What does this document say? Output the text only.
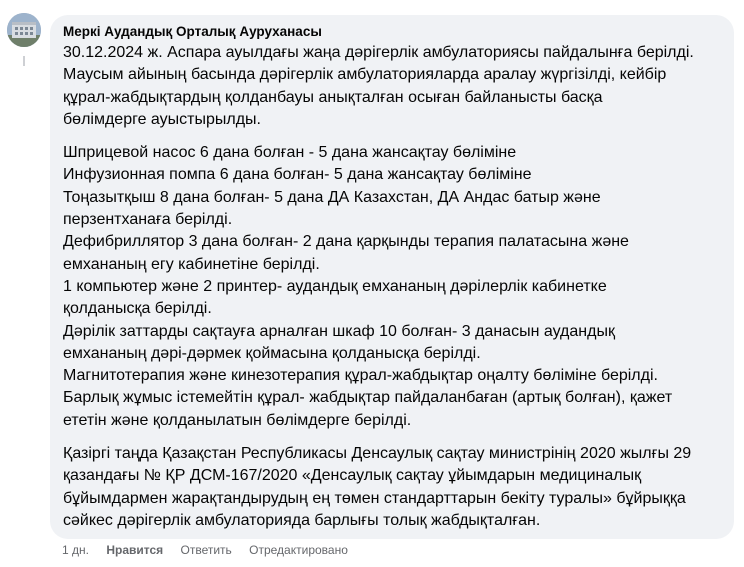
Меркі Аудандық Орталық Ауруханасы

30.12.2024 ж. Аспара ауылдағы жаңа дәрігерлік амбулаториясы пайдалынға берілді.
Маусым айының басында дәрігерлік амбулаторияларда аралау жүргізілді, кейбір
құрал-жабдықтардың қолданбауы анықталған осыған байланысты басқа
бөлімдерге ауыстырылды.

Шприцевой насос 6 дана болған - 5 дана жансақтау бөліміне
Инфузионная помпа 6 дана болған- 5 дана жансақтау бөліміне
Тоңазытқыш 8 дана болған- 5 дана ДА Казахстан, ДА Андас батыр және
перзентханаға берілді.
Дефибриллятор 3 дана болған- 2 дана қарқынды терапия палатасына және
емхананың егу кабинетіне берілді.
1 компьютер және 2 принтер- аудандық емхананың дәрілерлік кабинетке
қолданысқа берілді.
Дәрілік заттарды сақтауға арналған шкаф 10 болған- 3 данасын аудандық
емхананың дәрі-дәрмек қоймасына қолданысқа берілді.
Магнитотерапия және кинезотерапия құрал-жабдықтар оңалту бөліміне берілді.
Барлық жұмыс істемейтін құрал- жабдықтар пайдаланбаған (артық болған), қажет
ететін және қолданылатын бөлімдерге берілді.

Қазіргі таңда Қазақстан Республикасы Денсаулық сақтау министрінің 2020 жылғы 29
қазандағы № ҚР ДСМ-167/2020 «Денсаулық сақтау ұйымдарын медициналық
бұйымдармен жарақтандырудың ең төмен стандарттарын бекіту туралы» бұйрыққа
сәйкес дәрігерлік амбулаторияда барлығы толық жабдықталған.

1 дн. Нравится Ответить Отредактировано
